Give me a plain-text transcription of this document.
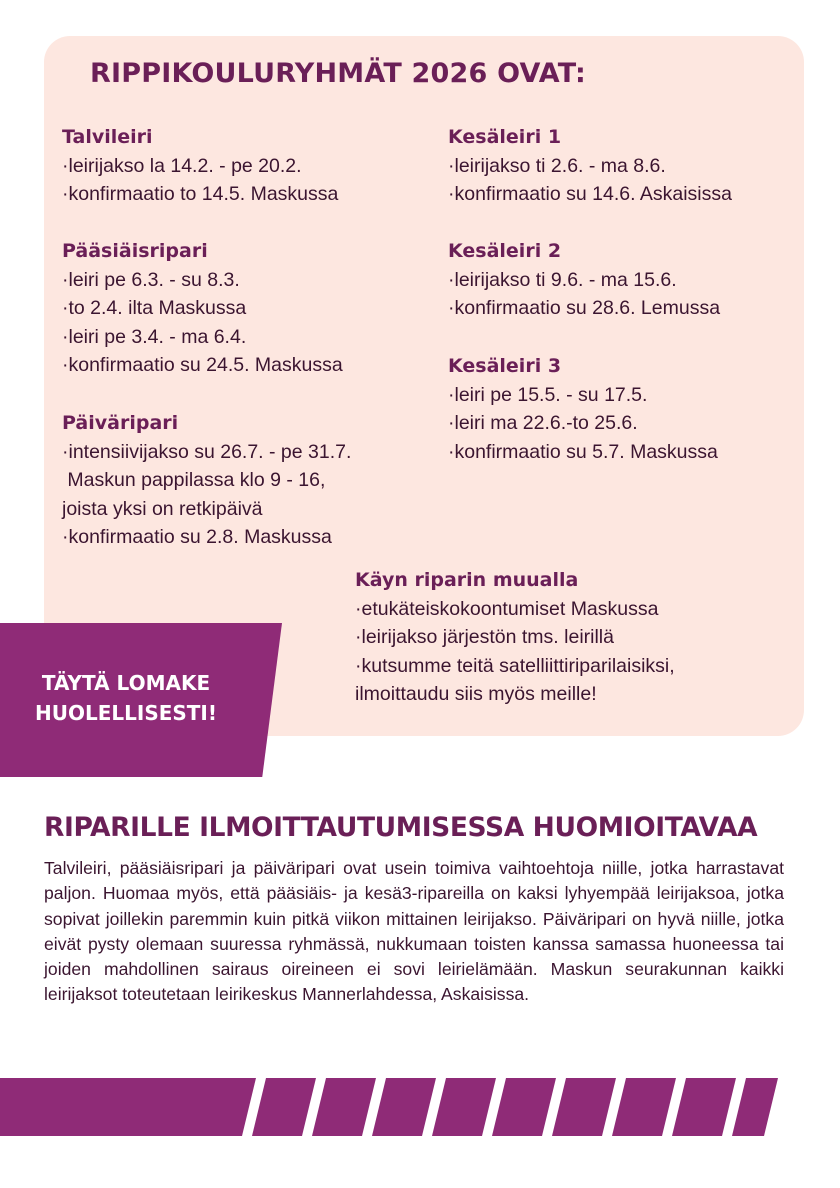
RIPPIKOULURYHMÄT 2026 OVAT:
Talvileiri
·leirijakso la 14.2. - pe 20.2.
·konfirmaatio to 14.5. Maskussa
Pääsiäisripari
·leiri pe 6.3. - su 8.3.
·to 2.4. ilta Maskussa
·leiri pe 3.4. - ma 6.4.
·konfirmaatio su 24.5. Maskussa
Päiväripari
·intensiivijakso su 26.7. - pe 31.7.
Maskun pappilassa klo 9 - 16,
joista yksi on retkipäivä
·konfirmaatio su 2.8. Maskussa
Kesäleiri 1
·leirijakso ti 2.6. - ma 8.6.
·konfirmaatio su 14.6. Askaisissa
Kesäleiri 2
·leirijakso ti 9.6. - ma 15.6.
·konfirmaatio su 28.6. Lemussa
Kesäleiri 3
·leiri pe 15.5. - su 17.5.
·leiri ma 22.6.-to 25.6.
·konfirmaatio su 5.7. Maskussa
Käyn riparin muualla
·etukäteiskokoontumiset Maskussa
·leirijakso järjestön tms. leirillä
·kutsumme teitä satelliittiriparilaisiksi,
ilmoittaudu siis myös meille!
TÄYTÄ LOMAKE
HUOLELLISESTI!
RIPARILLE ILMOITTAUTUMISESSA HUOMIOITAVAA

Talvileiri, pääsiäisripari ja päiväripari ovat usein toimiva vaihtoehtoja niille, jotka harrastavat paljon. Huomaa myös, että pääsiäis- ja kesä3-ripareilla on kaksi lyhyempää leirijaksoa, jotka sopivat joillekin paremmin kuin pitkä viikon mittainen leirijakso. Päiväripari on hyvä niille, jotka eivät pysty olemaan suuressa ryhmässä, nukkumaan toisten kanssa samassa huoneessa tai joiden mahdollinen sairaus oireineen ei sovi leirielämään. Maskun seurakunnan kaikki leirijaksot toteutetaan leirikeskus Mannerlahdessa, Askaisissa.
